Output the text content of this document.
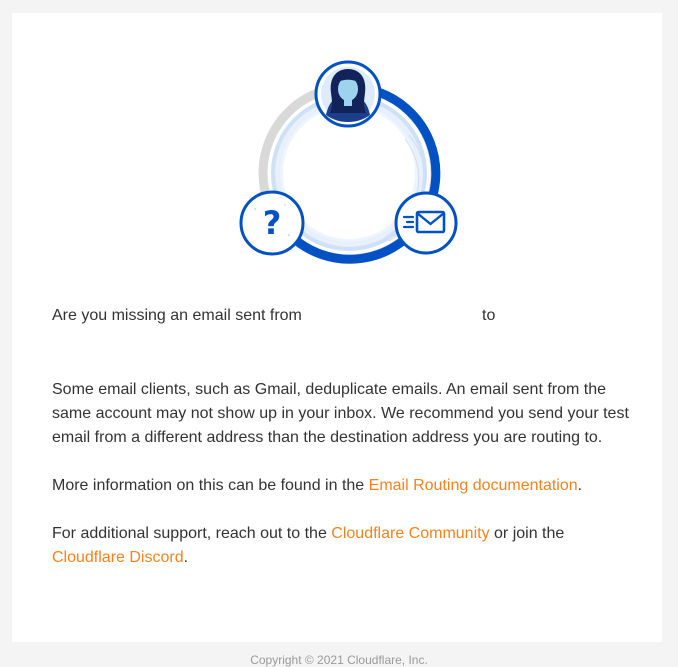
?

Are you missing an email sent from	to

Some email clients, such as Gmail, deduplicate emails. An email sent from the same account may not show up in your inbox. We recommend you send your test email from a different address than the destination address you are routing to.

More information on this can be found in the Email Routing documentation.

For additional support, reach out to the Cloudflare Community or join the Cloudflare Discord.

Copyright © 2021 Cloudflare, Inc.
